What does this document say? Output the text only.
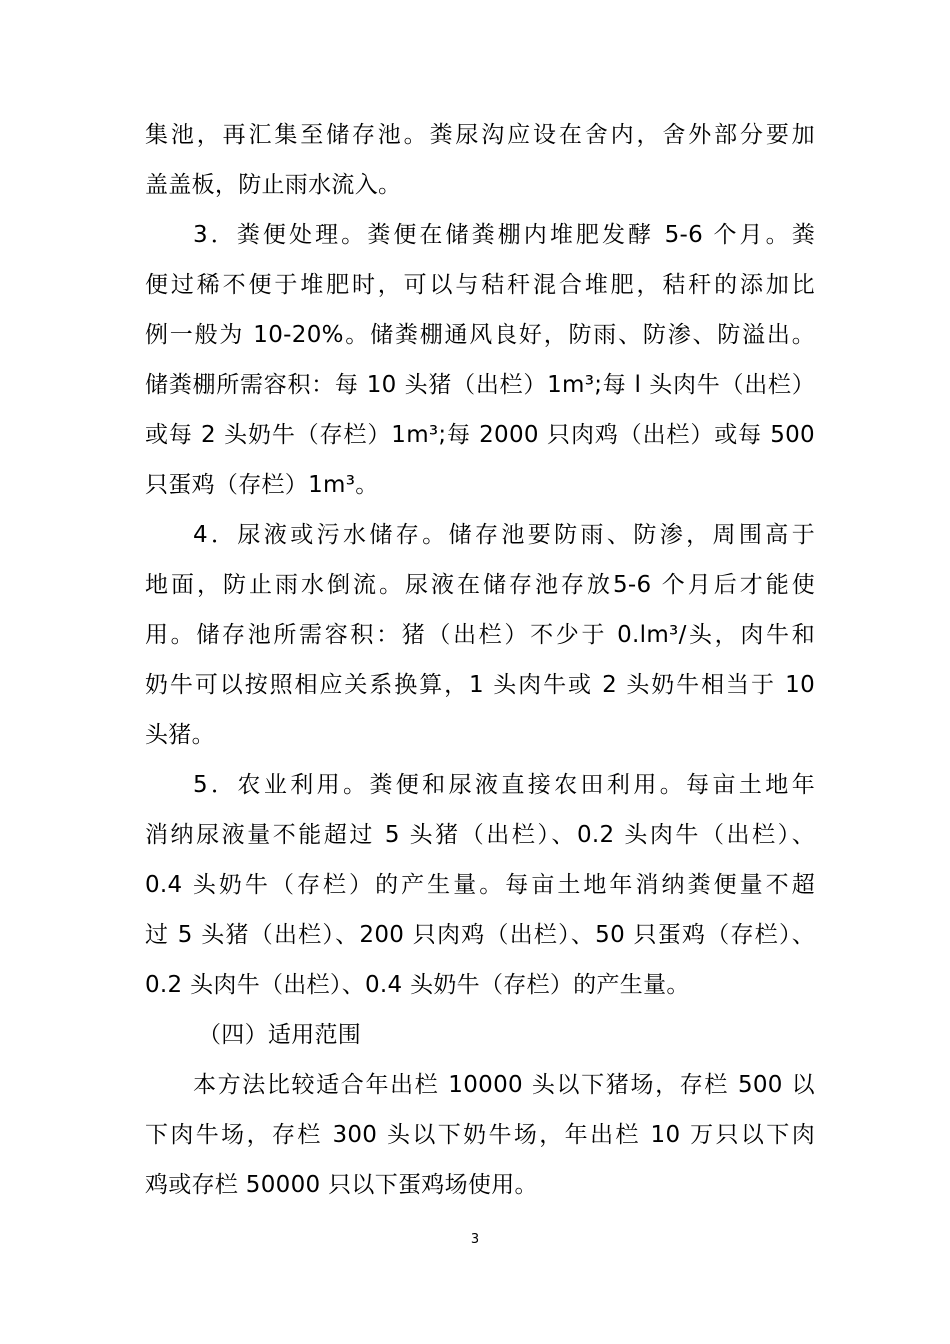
集池，再汇集至储存池。粪尿沟应设在舍内，舍外部分要加
盖盖板，防止雨水流入。
3．粪便处理。粪便在储粪棚内堆肥发酵 5-6 个月。粪
便过稀不便于堆肥时，可以与秸秆混合堆肥，秸秆的添加比
例一般为 10-20%。储粪棚通风良好，防雨、防渗、防溢出。
储粪棚所需容积：每 10 头猪（出栏）1m³;每 l 头肉牛（出栏）
或每 2 头奶牛（存栏）1m³;每 2000 只肉鸡（出栏）或每 500
只蛋鸡（存栏）1m³。
4．尿液或污水储存。储存池要防雨、防渗，周围高于
地面，防止雨水倒流。尿液在储存池存放5-6 个月后才能使
用。储存池所需容积：猪（出栏）不少于 0.lm³/头，肉牛和
奶牛可以按照相应关系换算，1 头肉牛或 2 头奶牛相当于 10
头猪。
5．农业利用。粪便和尿液直接农田利用。每亩土地年
消纳尿液量不能超过 5 头猪（出栏）、0.2 头肉牛（出栏）、
0.4 头奶牛（存栏）的产生量。每亩土地年消纳粪便量不超
过 5 头猪（出栏）、200 只肉鸡（出栏）、50 只蛋鸡（存栏）、
0.2 头肉牛（出栏）、0.4 头奶牛（存栏）的产生量。
（四）适用范围
本方法比较适合年出栏 10000 头以下猪场，存栏 500 以
下肉牛场，存栏 300 头以下奶牛场，年出栏 10 万只以下肉
鸡或存栏 50000 只以下蛋鸡场使用。
3
